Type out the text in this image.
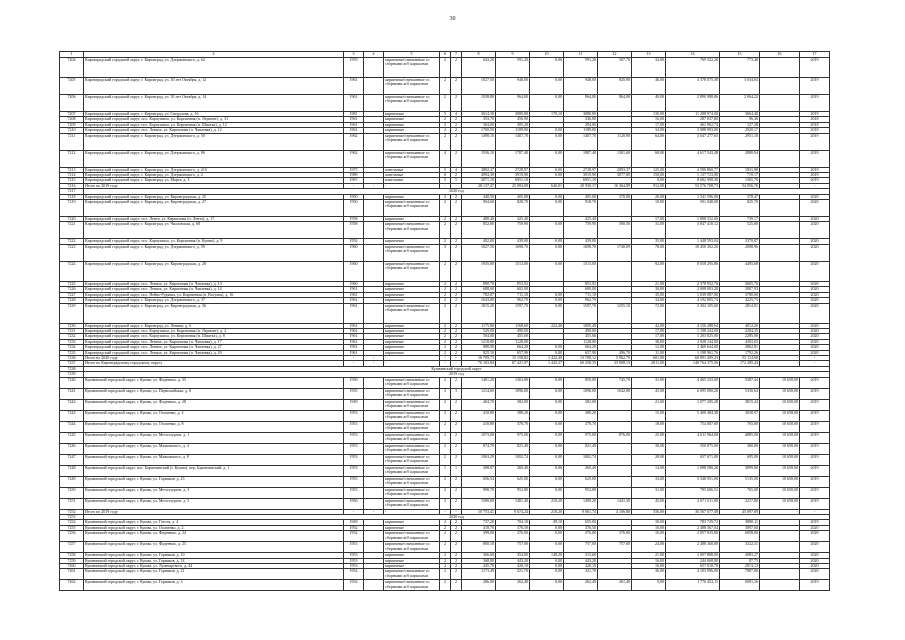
30
1	2	3	4	5	6	7	8	9	10	11	12	13	14	15	16	17
7204	Кировградский городской округ, г. Кировград, ул. Дзержинского, д. 62	1959		кирпичные/смешанные со сборными ж/б каркасами	2	2	643,20	591,20	0,00	591,20	507,70	34,00	769 522,20	773,40		2019
7205	Кировградский городской округ, г. Кировград, ул. 30 лет Октября, д. 12	1961		кирпичные/смешанные со сборными ж/б каркасами	2	2	1027,50	948,00	0,00	948,00	845,90	46,00	4 378 075,38	3 034,04		2019
7206	Кировградский городской округ, г. Кировград, ул. 30 лет Октября, д. 14	1961		кирпичные/смешанные со сборными ж/б каркасами	2	2	1038,80	964,00	0,00	964,00	864,00	40,00	2 890 988,86	2 064,22		2019
7207	Кировградский городской округ, г. Кировград, ул. Свердлова, д. 16	1981		кирпичные	5	4	3614,30	3080,80	179,10	3080,80		130,00	11 288 974,00	3664,40		2019
7208	Кировградский городской округ, пос. Карпушиха, ул. Кирпичная (п. Лермонт), д. 31	1961		кирпичные	2	2	353,70	456,90		336,80		16,00	287 037,80	96,36		2018
7209	Кировградский городской округ, пос. Карпушиха, ул. Кирпичная (п. Шиятка), д. 12	1961		кирпичные	2	2	304,00	305,20		294,00		17,00	461 962,74	127,38		2018
7210	Кировградский городской округ, пос. Левиха, ул. Кирпичная (п. Чапаевка), д. 12	1961		кирпичные	2	2	1700,50	1189,00	0,00	1189,00		34,00	3 988 893,00	2920,17		2018
7211	Кировградский городской округ, г. Кировград, ул. Дзержинского, д. 50	1962		кирпичные/смешанные со сборными ж/б каркасами	2	2	1498,10	1407,70	0,00	1407,70	1120,90	64,00	3 647 277,65	2951,10		2019
7212	Кировградский городской округ, г. Кировград, ул. Дзержинского, д. 8б	1962		кирпичные/смешанные со сборными ж/б каркасами	4	2	1936,10	1787,40	0,00	1887,40	1301,60	68,00	4 617 543,48	2880,94		2018
7213	Кировградский городской округ, г. Кировград, ул. Дзержинского, д. 21б	1975		панельные	5	4	3892,37	2728,97	0,00	2728,97	2093,37	125,00	4 596 860,77	1831,98		2019
7214	Кировградский городской округ, г. Кировград, ул. Дзержинского, д. 2	1989		панельные	6	2	4994,30	3919,90	0,00	3919,90	3077,80	150,00	1 137 723,00	719,17		2019
7215	Кировградский городской округ, г. Кировград, ул. Марта, д. 3	1967		панельные	5	5	3071,10	6951,10		6951,10		0,00	8 682 990,30	1365,70		2019
7216	Итого по 2019 году	-	-	-	-	-	28 137,47	25 084,09	640,01	20 930,17	16 364,89	912,00	53 576 708,73	54 056,76	-	-
7217	2020 год															
7218	Кировградский городской округ, г. Кировград, ул. Кировградская, д. 25	1950		кирпичные	2	2	440,50	405,00	0,00	405,00	378,80	26,00	1 541 596,00	378,47		2020
7219	Кировградский городской округ, г. Кировград, ул. Кировградская, д. 27	1950		кирпичные/смешанные со сборными ж/б каркасами	2	2	904,60	828,70	0,00	918,70		10,00	501 048,00	825,70		2020
7220	Кировградский городской округ, пос. Лента, ул. Кирпичная (п. Лента), д. 17	1958		кирпичные	2	2	488,40	425,40		425,40		17,00	1 888 332,00	739,17		2020
7221	Кировградский городской округ, г. Кировград, ул. Чкаловская, д. 68	1958		кирпичные/смешанные со сборными ж/б каркасами	2	2	852,60	759,90	0,00	759,90	590,50	31,00	3 847 410,12	525,00		2020
7222	Кировградский городской округ, пос. Карпушиха, ул. Кирпичная (п. Кушва), д. 9	1954		кирпичные	2	2	492,00	439,00	0,00	439,00		35,00	1 448 593,04	3370,87		2020
7223	Кировградский городской округ, г. Кировград, ул. Дзержинского, д. 59	1960		кирпичные/смешанные со сборными ж/б каркасами	3	2	1027,50	1698,70	0,00	1698,70	1740,09	78,00	10 450 302,20	2008,96		2020
7224	Кировградский городской округ, г. Кировград, ул. Кировградская, д. 28	1960		кирпичные/смешанные со сборными ж/б каркасами	2	2	1935,00	1513,00	0,00	1513,00		92,00	8 058 295,86	4495,68		2020
7225	Кировградский городской округ, пос. Левиха, ул. Кирпичная (п. Чапаевка), д. 13	1960		кирпичные	2	2	898,70	853,92		853,92		21,00	2 378 952,76	3605,76		2020
7226	Кировградский городской округ, пос. Левиха, ул. Кирпичная (п. Чапаевка), д. 14	1961		кирпичные	2	2	688,60	602,00		600,00		30,00	2 008 003,28	3007,93		2020
7227	Кировградский городской округ, пос. Нейво-Рудянка, ул. Кирпичная (п. Вогулка), д. 16	1961		кирпичные	2	2	782,07	711,10	0,00	711,10		35,00	1 039 987,00	3780,00		2020
7228	Кировградский городской округ, г. Кировград, ул. Дзержинского, д. 37	1961		кирпичные	2	2	1043,00	962,70	0,00	962,70		34,00	4 192 805,74	4225,73		2020
7229	Кировградский городской округ, г. Кировград, ул. Кировградская, д. 36	1961		кирпичные/смешанные со сборными ж/б каркасами	2	2	1815,20	1597,70	0,00	1597,70	1255,10	72,00	3 302 105,60	2814,81		2020
7230	Кировградский городской округ, г. Кировград, ул. Ленина, д. 6	1961		кирпичные	2	2	1175,80	1168,60	222,40	1005,40		42,00	4 156 288,64	4012,26		2020
7231	Кировградский городской округ, пос. Карпушиха, ул. Кирпичная (п. Лермонт), д. 2	1961		кирпичные	2	2	529,00	490,00		490,00		17,00	1 198 244,00	2284,35		2020
7232	Кировградский городской округ, пос. Карпушиха, ул. Кирпичная (п. Шиятка), д. 8	1961		кирпичные	2	2	504,00	455,60		455,60		17,00	1 203 825,00	2285,00		2020
7233	Кировградский городской округ, пос. Левиха, ул. Кирпичная (п. Чапаевка), д. 17	1961		кирпичные	2	2	1218,80	1128,00		1128,00		38,00	2 928 144,00	4303,03		2020
7234	Кировградский городской округ, пос. Левиха, ул. Кирпичная (п. Чапаевка), д. 27	1961		кирпичные	2	2	888,90	664,20	0,00	664,20		12,00	2 460 644,00	3802,81		2020
7235	Кировградский городской округ, пос. Левиха, ул. Кирпичная (п. Чапаевка), д. 29	1961		кирпичные	2	2	825,10	657,90	0,00	657,90	496,70	11,00	1 198 961,76	1792,26		2020
7236	Итого по 2020 году	-	-	-	-	-	16 709,73	15 158,82	1 422,40	13 708,12	5 962,70	601,00	60 891 409,23	55 114,68	-	-
7237	Итого по Кировградскому городскому округу	-	-	-	-	-	76 103,84	67 421,97	1 443,37	60 258,35	33 908,13	2811,00	140 764 375,56	172 285,43	-	-
7238	Кушвинский городской округ															
7239	2019 год															
7240	Кушвинский городской округ, г. Кушва, ул. Фадеевых, д. 35	1930		кирпичные/смешанные со сборными ж/б каркасами	2	2	1401,20	1363,80	0,00	850,00	745,70	31,00	4 465 333,00	5387,44	10 658,00	2019
7241	Кушвинский городской округ, г. Кушва, ул. Первомайская, д. 8	1935		кирпичные/смешанные со сборными ж/б каркасами	3	3	1214,60	1096,00	0,00	1096,00	1042,80	45,00	6 095 000,20	5330,64	10 658,00	2019
7242	Кушвинский городской округ, г. Кушва, ул. Фадеевых, д. 28	1949		кирпичные/смешанные со сборными ж/б каркасами	2	2	404,70	382,00	0,00	382,00		21,00	1 077 205,28	3815,24	10 658,00	2019
7243	Кушвинский городской округ, г. Кушва, ул. Осипенко, д. 4	1953		кирпичные/смешанные со сборными ж/б каркасами	2	2	410,80	388,20	0,00	388,20		15,00	5 400 484,38	3038,97	10 658,00	2019
7244	Кушвинский городской округ, г. Кушва, ул. Осипенко, д. 8	1953		кирпичные/смешанные со сборными ж/б каркасами	2	2	410,80	378,70	0,00	378,70		18,00	754 007,00	765,00	10 658,00	2019
7245	Кушвинский городской округ, г. Кушва, ул. Металлургов, д. 1	1953		кирпичные/смешанные со сборными ж/б каркасами	2	2	1073,00	975,00	0,00	975,00	876,00	25,00	4 611 964,00	4885,00	10 658,00	2019
7246	Кушвинский городской округ, г. Кушва, ул. Маяковского, д. 4	1953		кирпичные/смешанные со сборными ж/б каркасами	2	2	874,70	821,40	0,00	821,40		30,00	350 875,00	360,00	10 658,00	2019
7247	Кушвинский городской округ, г. Кушва, ул. Маяковского, д. 8	1953		кирпичные/смешанные со сборными ж/б каркасами	2	2	1063,29	1002,74	0,00	1002,74		28,00	657 671,00	695,00	10 658,00	2019
7248	Кушвинский городской округ, пос. Баранчинский (г. Кушва), пер. Баранчинский, д. 1	1953		кирпичные/смешанные со сборными ж/б каркасами	1	1	308,07	260,40	0,00	260,40		14,00	1 088 580,20	3899,80	10 658,00	2019
7249	Кушвинский городской округ, г. Кушва, ул. Горняков, д. 23	1955		кирпичные/смешанные со сборными ж/б каркасами	2	2	656,54	625,00	0,00	625,00		33,00	5 548 951,00	5135,00	10 658,00	2019
7250	Кушвинский городской округ, г. Кушва, ул. Металлургов, д. 3	1955		кирпичные/смешанные со сборными ж/б каркасами	2	2	998,70	952,80	0,00	952,80		31,00	795 606,52	765,00	10 658,00	2019
7251	Кушвинский городской округ, г. Кушва, ул. Металлургов, д. 5	1956		кирпичные/смешанные со сборными ж/б каркасами	2	2	1580,00	1481,40	210,20	1490,20	1441,30	45,00	2 671 011,00	2217,00	10 658,00	2019
7252	Итого по 2019 году	-	-	-	-	-	10 753,41	9 674,24	210,20	9 061,74	4 106,80	336,00	36 567 677,38	45 097,09	-	-
7253	2020 год															
7254	Кушвинский городской округ, г. Кушва, ул. Гоголя, д. 4	1949		кирпичные	2	2	737,20	704,10	49,10	655,00		30,00	783 729,72	3880,11		2019
7255	Кушвинский городской округ, г. Кушва, ул. Осипенко, д. 2	1952		кирпичные	2	2	418,70	376,50	0,00	376,50		16,00	2 488 367,04	3097,60		2020
7256	Кушвинский городской округ, г. Кушва, ул. Фадеевых, д. 24	1952		кирпичные/смешанные со сборными ж/б каркасами	2	2	399,00	376,00	0,00	376,00	376,00	16,00	2 057 935,00	6858,00		2020
7257	Кушвинский городской округ, г. Кушва, ул. Фадеевых, д. 25	1953		кирпичные/смешанные со сборными ж/б каркасами	2	2	800,10	757,00	0,00	757,00	757,00	24,00	2 488 360,00	3322,31		2020
7258	Кушвинский городской округ, г. Кушва, ул. Горняков, д. 10	1953		кирпичные	2	2	366,60	354,80	148,20	313,60		21,00	1 007 888,00	4083,27		2020
7259	Кушвинский городской округ, г. Кушва, ул. Горняков, д. 14	1953		кирпичные	2	2	368,00	443,20	0,00	443,20		16,00	244 068,00	87,75		2020
7260	Кушвинский городской округ, г. Кушва, ул. Луначарского, д. 44	1953		кирпичные	2	2	445,70	420,10	0,00	420,10		16,00	657 018,78	2813,13		2020
7261	Кушвинский городской округ, г. Кушва, ул. Горняков, д. 21	1954		кирпичные/смешанные со сборными ж/б каркасами	2	2	1173,49	321,70	0,00	321,70		36,00	4 103 996,00	7887,00		2020
7262	Кушвинский городской округ, г. Кушва, ул. Горняков, д. 3	1954		кирпичные/смешанные со сборными ж/б каркасами	2	2	286,00	262,40	0,00	262,40	261,40	9,00	1 776 452,11	6091,16		2019
